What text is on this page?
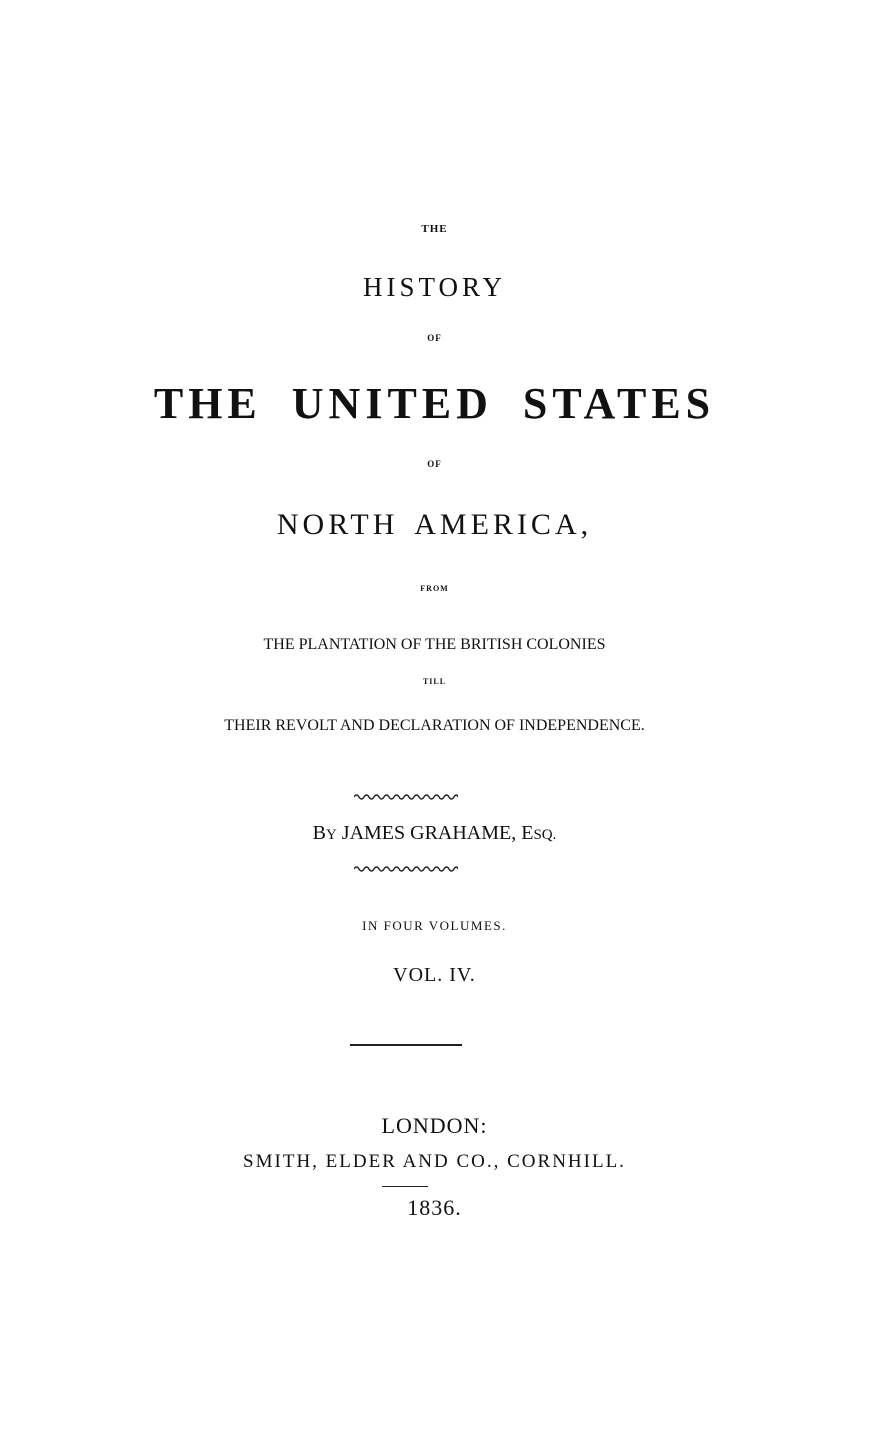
THE
HISTORY
OF
THE UNITED STATES
OF
NORTH AMERICA,
FROM
THE PLANTATION OF THE BRITISH COLONIES
TILL
THEIR REVOLT AND DECLARATION OF INDEPENDENCE.
BY JAMES GRAHAME, ESQ.
IN FOUR VOLUMES.
VOL. IV.
LONDON:
SMITH, ELDER AND CO., CORNHILL.
1836.
